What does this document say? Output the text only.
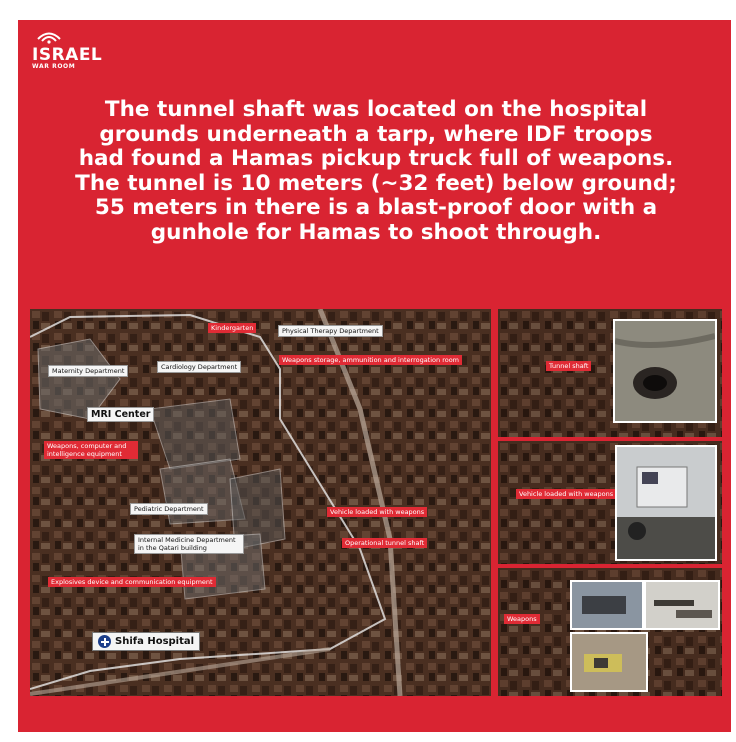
ISRAEL
WAR ROOM
The tunnel shaft was located on the hospital
grounds underneath a tarp, where IDF troops
had found a Hamas pickup truck full of weapons.
The tunnel is 10 meters (~32 feet) below ground;
55 meters in there is a blast-proof door with a
gunhole for Hamas to shoot through.
Kindergarten	Physical Therapy Department
Weapons storage, ammunition and interrogation room
Maternity Department	Cardiology Department
MRI Center
Weapons, computer and intelligence equipment
Pediatric Department	Vehicle loaded with weapons
Internal Medicine Department in the Qatari building
Operational tunnel shaft
Explosives device and communication equipment
Shifa Hospital
Tunnel shaft
Vehicle loaded with weapons
Weapons
